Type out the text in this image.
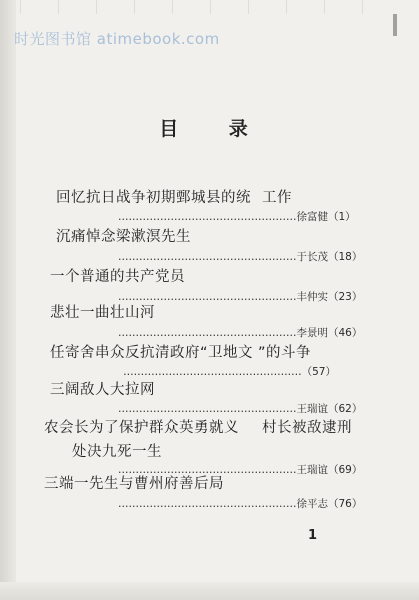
时光图书馆 atimebook.com
目 录
回忆抗日战争初期鄄城县的统 工作
……………………………………………徐富健（1）
沉痛悼念梁漱溟先生
……………………………………………于长茂（18）
一个普通的共产党员
……………………………………………丰仲实（23）
悲壮一曲壮山河
……………………………………………李景明（46）
任寄舍串众反抗清政府“卫地文 ”的斗争
……………………………………………（57）
三阔敌人大拉网
……………………………………………王瑞谊（62）
农会长为了保护群众英勇就义 村长被敌逮刑
处决九死一生
……………………………………………王瑞谊（69）
三端一先生与曹州府善后局
……………………………………………徐平志（76）
1
